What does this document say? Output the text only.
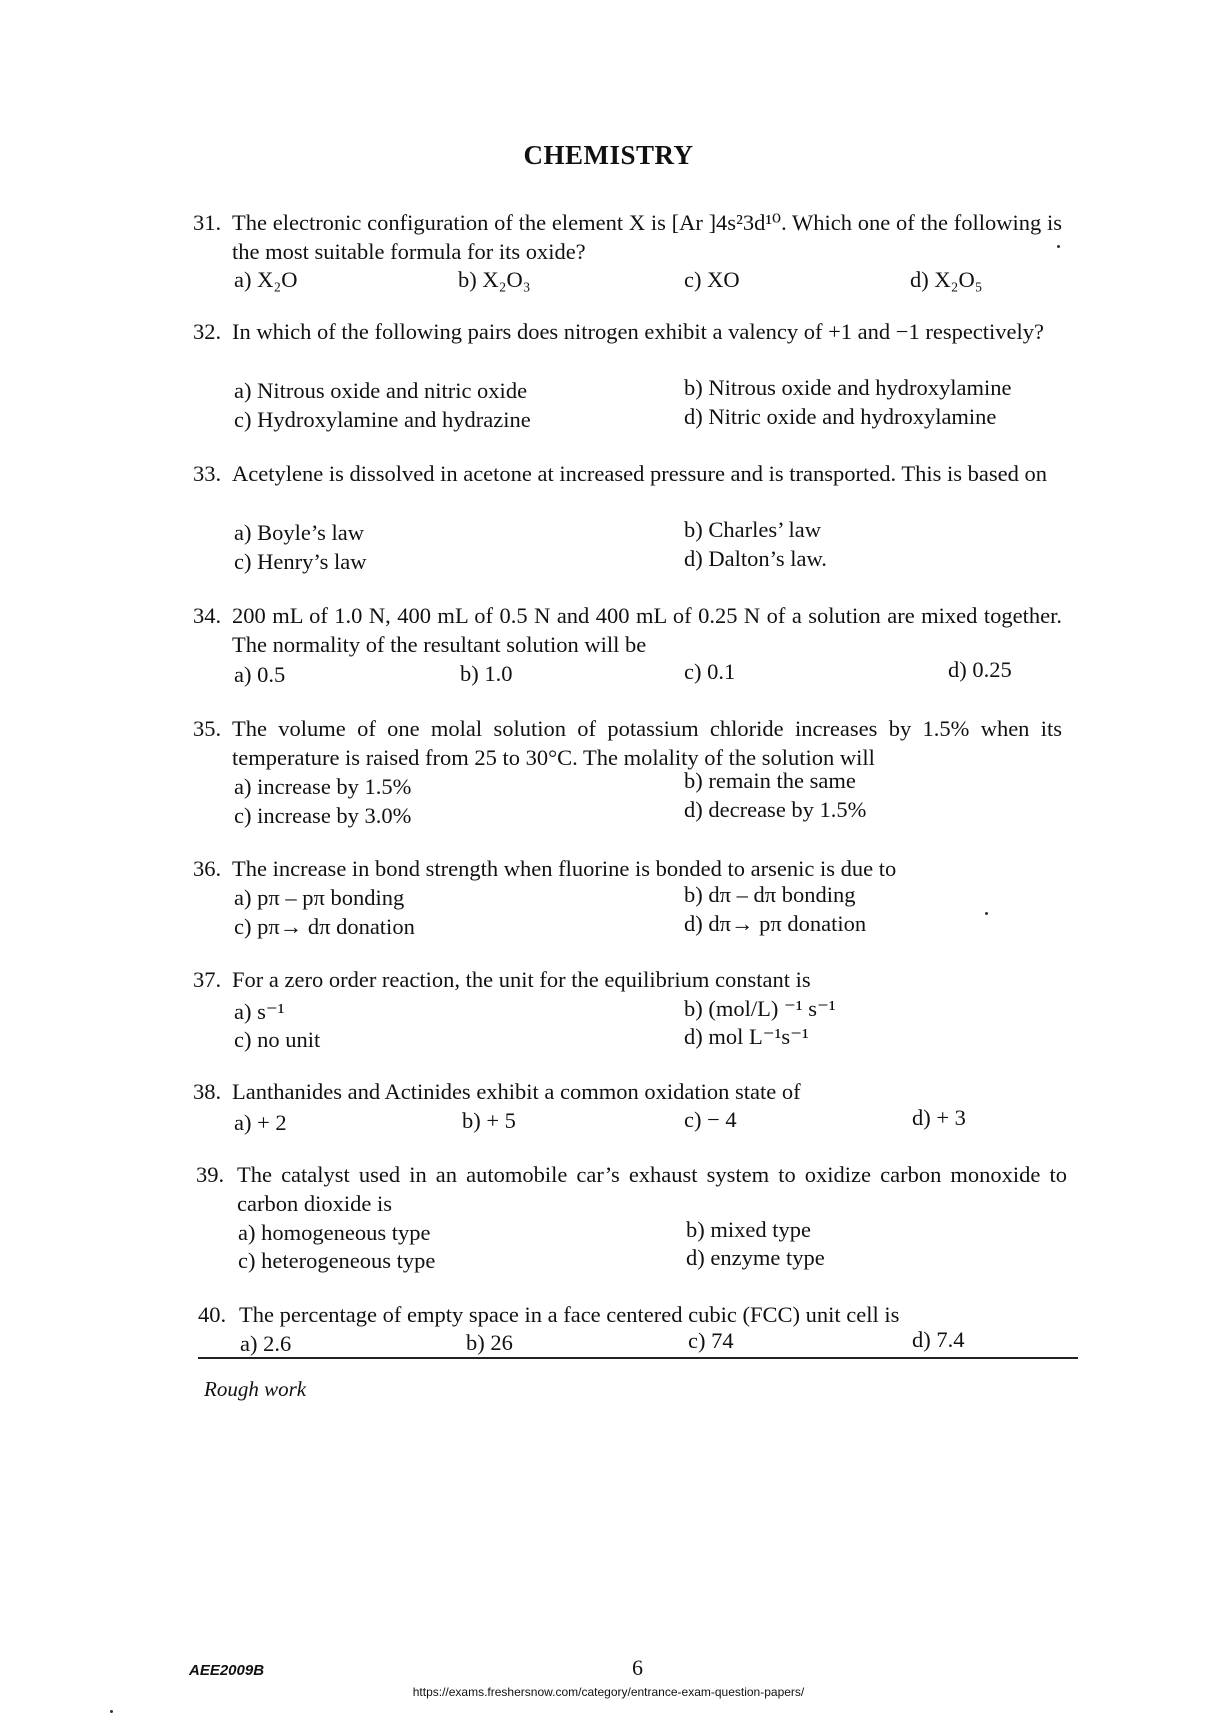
CHEMISTRY
31. The electronic configuration of the element X is [Ar ]4s²3d¹⁰. Which one of the following is the most suitable formula for its oxide?
a) X₂O	b) X₂O₃	c) XO	d) X₂O₅
32. In which of the following pairs does nitrogen exhibit a valency of +1 and −1 respectively?
a) Nitrous oxide and nitric oxide	b) Nitrous oxide and hydroxylamine
c) Hydroxylamine and hydrazine	d) Nitric oxide and hydroxylamine
33. Acetylene is dissolved in acetone at increased pressure and is transported. This is based on
a) Boyle’s law	b) Charles’ law
c) Henry’s law	d) Dalton’s law.
34. 200 mL of 1.0 N, 400 mL of 0.5 N and 400 mL of 0.25 N of a solution are mixed together. The normality of the resultant solution will be
a) 0.5	b) 1.0	c) 0.1	d) 0.25
35. The volume of one molal solution of potassium chloride increases by 1.5% when its temperature is raised from 25 to 30°C. The molality of the solution will
a) increase by 1.5%	b) remain the same
c) increase by 3.0%	d) decrease by 1.5%
36. The increase in bond strength when fluorine is bonded to arsenic is due to
a) pπ – pπ bonding	b) dπ – dπ bonding
c) pπ→ dπ donation	d) dπ→ pπ donation
37. For a zero order reaction, the unit for the equilibrium constant is
a) s⁻¹	b) (mol/L) ⁻¹ s⁻¹
c) no unit	d) mol L⁻¹s⁻¹
38. Lanthanides and Actinides exhibit a common oxidation state of
a) + 2	b) + 5	c) − 4	d) + 3
39. The catalyst used in an automobile car’s exhaust system to oxidize carbon monoxide to carbon dioxide is
a) homogeneous type	b) mixed type
c) heterogeneous type	d) enzyme type
40. The percentage of empty space in a face centered cubic (FCC) unit cell is
a) 2.6	b) 26	c) 74	d) 7.4
Rough work
AEE2009B	6
https://exams.freshersnow.com/category/entrance-exam-question-papers/
